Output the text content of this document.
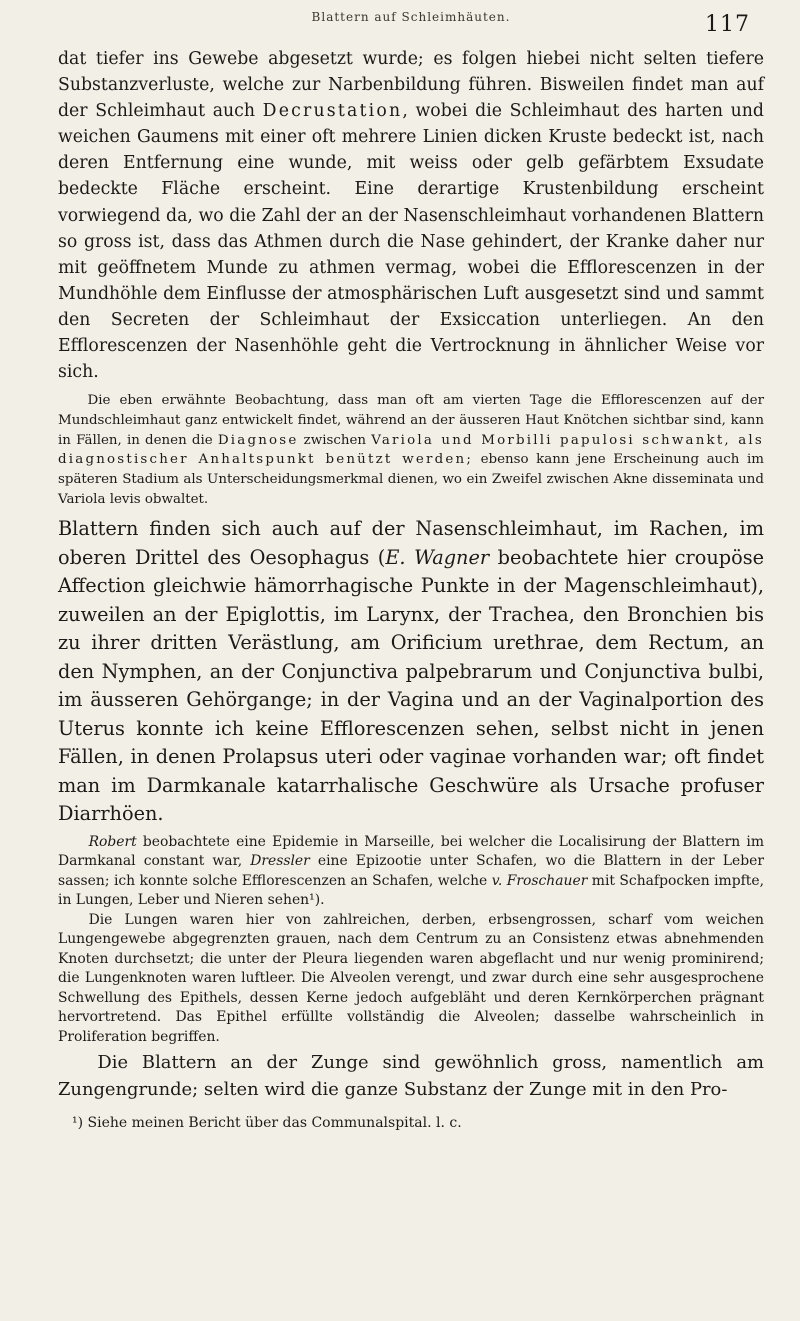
Blattern auf Schleimhäuten.	117

dat tiefer ins Gewebe abgesetzt wurde; es folgen hiebei nicht selten tiefere Substanzverluste, welche zur Narbenbildung führen. Bisweilen findet man auf der Schleimhaut auch Decrustation, wobei die Schleimhaut des harten und weichen Gaumens mit einer oft mehrere Linien dicken Kruste bedeckt ist, nach deren Entfernung eine wunde, mit weiss oder gelb gefärbtem Exsudate bedeckte Fläche erscheint. Eine derartige Krustenbildung erscheint vorwiegend da, wo die Zahl der an der Nasenschleimhaut vorhandenen Blattern so gross ist, dass das Athmen durch die Nase gehindert, der Kranke daher nur mit geöffnetem Munde zu athmen vermag, wobei die Efflorescenzen in der Mundhöhle dem Einflusse der atmosphärischen Luft ausgesetzt sind und sammt den Secreten der Schleimhaut der Exsiccation unterliegen. An den Efflorescenzen der Nasenhöhle geht die Vertrocknung in ähnlicher Weise vor sich.

Die eben erwähnte Beobachtung, dass man oft am vierten Tage die Efflorescenzen auf der Mundschleimhaut ganz entwickelt findet, während an der äusseren Haut Knötchen sichtbar sind, kann in Fällen, in denen die Diagnose zwischen Variola und Morbilli papulosi schwankt, als diagnostischer Anhaltspunkt benützt werden; ebenso kann jene Erscheinung auch im späteren Stadium als Unterscheidungsmerkmal dienen, wo ein Zweifel zwischen Akne disseminata und Variola levis obwaltet.

Blattern finden sich auch auf der Nasenschleimhaut, im Rachen, im oberen Drittel des Oesophagus (E. Wagner beobachtete hier croupöse Affection gleichwie hämorrhagische Punkte in der Magenschleimhaut), zuweilen an der Epiglottis, im Larynx, der Trachea, den Bronchien bis zu ihrer dritten Verästlung, am Orificium urethrae, dem Rectum, an den Nymphen, an der Conjunctiva palpebrarum und Conjunctiva bulbi, im äusseren Gehörgange; in der Vagina und an der Vaginalportion des Uterus konnte ich keine Efflorescenzen sehen, selbst nicht in jenen Fällen, in denen Prolapsus uteri oder vaginae vorhanden war; oft findet man im Darmkanale katarrhalische Geschwüre als Ursache profuser Diarrhöen.

Robert beobachtete eine Epidemie in Marseille, bei welcher die Localisirung der Blattern im Darmkanal constant war, Dressler eine Epizootie unter Schafen, wo die Blattern in der Leber sassen; ich konnte solche Efflorescenzen an Schafen, welche v. Froschauer mit Schafpocken impfte, in Lungen, Leber und Nieren sehen¹).

Die Lungen waren hier von zahlreichen, derben, erbsengrossen, scharf vom weichen Lungengewebe abgegrenzten grauen, nach dem Centrum zu an Consistenz etwas abnehmenden Knoten durchsetzt; die unter der Pleura liegenden waren abgeflacht und nur wenig prominirend; die Lungenknoten waren luftleer. Die Alveolen verengt, und zwar durch eine sehr ausgesprochene Schwellung des Epithels, dessen Kerne jedoch aufgebläht und deren Kernkörperchen prägnant hervortretend. Das Epithel erfüllte vollständig die Alveolen; dasselbe wahrscheinlich in Proliferation begriffen.

Die Blattern an der Zunge sind gewöhnlich gross, namentlich am Zungengrunde; selten wird die ganze Substanz der Zunge mit in den Pro-

¹) Siehe meinen Bericht über das Communalspital. l. c.
